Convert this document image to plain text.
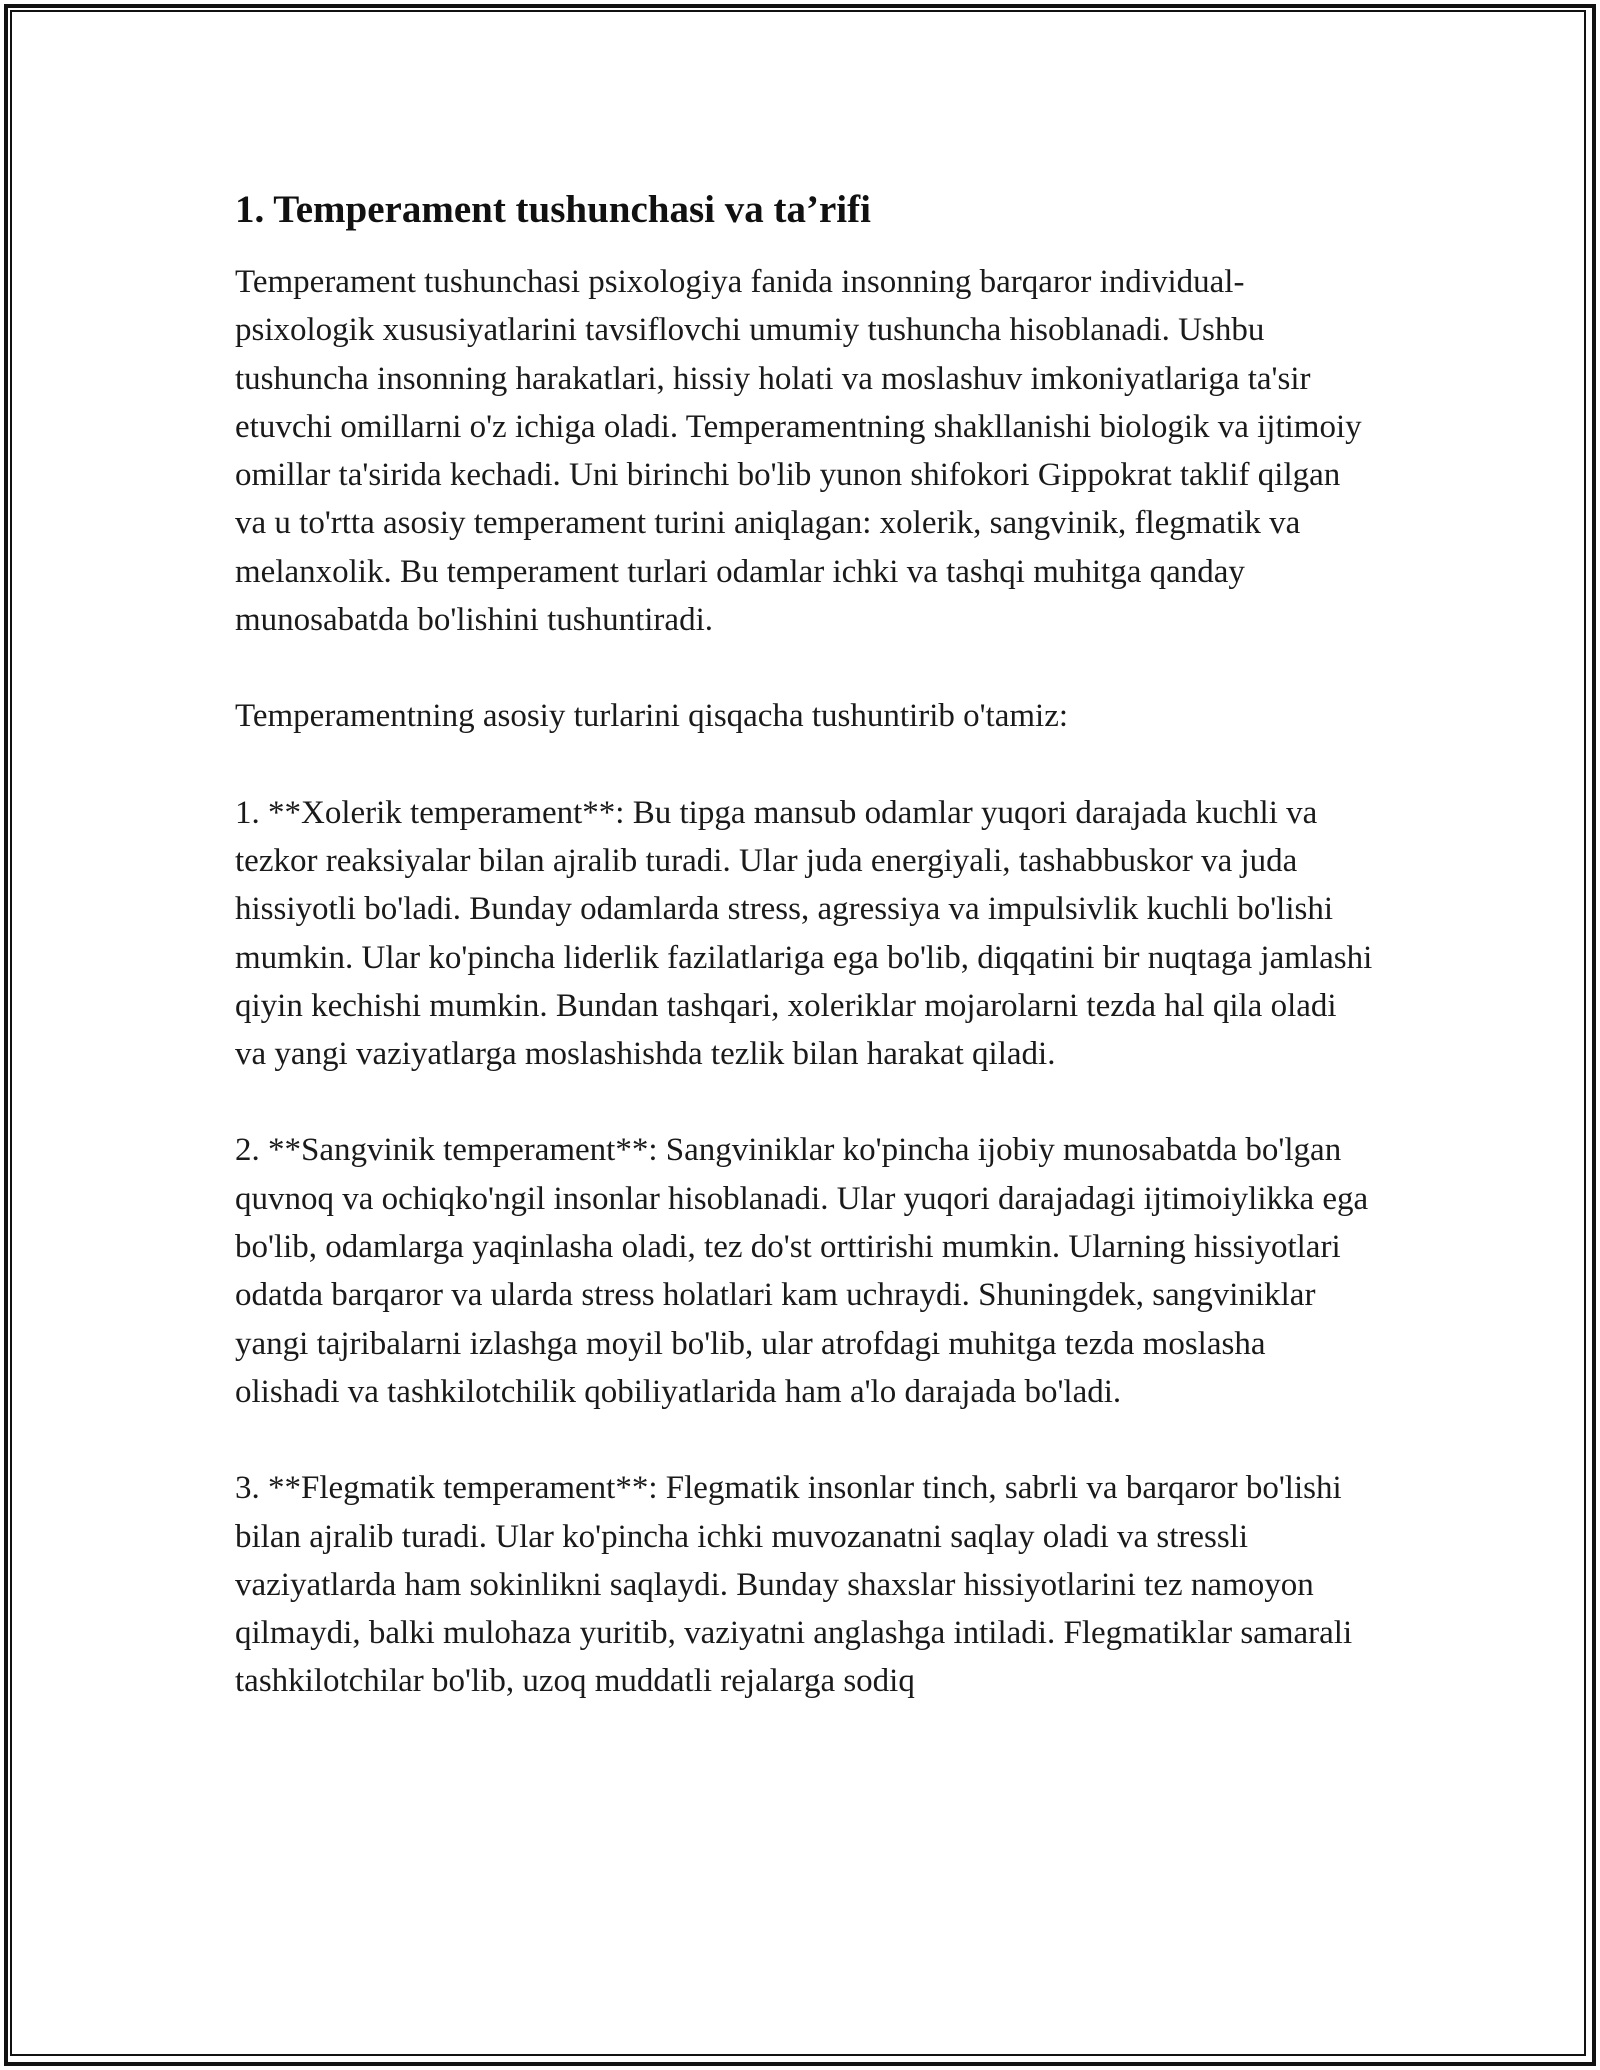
1. Temperament tushunchasi va ta’rifi

Temperament tushunchasi psixologiya fanida insonning barqaror individual-psixologik xususiyatlarini tavsiflovchi umumiy tushuncha hisoblanadi. Ushbu tushuncha insonning harakatlari, hissiy holati va moslashuv imkoniyatlariga ta'sir etuvchi omillarni o'z ichiga oladi. Temperamentning shakllanishi biologik va ijtimoiy omillar ta'sirida kechadi. Uni birinchi bo'lib yunon shifokori Gippokrat taklif qilgan va u to'rtta asosiy temperament turini aniqlagan: xolerik, sangvinik, flegmatik va melanxolik. Bu temperament turlari odamlar ichki va tashqi muhitga qanday munosabatda bo'lishini tushuntiradi.

Temperamentning asosiy turlarini qisqacha tushuntirib o'tamiz:

1. **Xolerik temperament**: Bu tipga mansub odamlar yuqori darajada kuchli va tezkor reaksiyalar bilan ajralib turadi. Ular juda energiyali, tashabbuskor va juda hissiyotli bo'ladi. Bunday odamlarda stress, agressiya va impulsivlik kuchli bo'lishi mumkin. Ular ko'pincha liderlik fazilatlariga ega bo'lib, diqqatini bir nuqtaga jamlashi qiyin kechishi mumkin. Bundan tashqari, xoleriklar mojarolarni tezda hal qila oladi va yangi vaziyatlarga moslashishda tezlik bilan harakat qiladi.

2. **Sangvinik temperament**: Sangviniklar ko'pincha ijobiy munosabatda bo'lgan quvnoq va ochiqko'ngil insonlar hisoblanadi. Ular yuqori darajadagi ijtimoiylikka ega bo'lib, odamlarga yaqinlasha oladi, tez do'st orttirishi mumkin. Ularning hissiyotlari odatda barqaror va ularda stress holatlari kam uchraydi. Shuningdek, sangviniklar yangi tajribalarni izlashga moyil bo'lib, ular atrofdagi muhitga tezda moslasha olishadi va tashkilotchilik qobiliyatlarida ham a'lo darajada bo'ladi.

3. **Flegmatik temperament**: Flegmatik insonlar tinch, sabrli va barqaror bo'lishi bilan ajralib turadi. Ular ko'pincha ichki muvozanatni saqlay oladi va stressli vaziyatlarda ham sokinlikni saqlaydi. Bunday shaxslar hissiyotlarini tez namoyon qilmaydi, balki mulohaza yuritib, vaziyatni anglashga intiladi. Flegmatiklar samarali tashkilotchilar bo'lib, uzoq muddatli rejalarga sodiq
